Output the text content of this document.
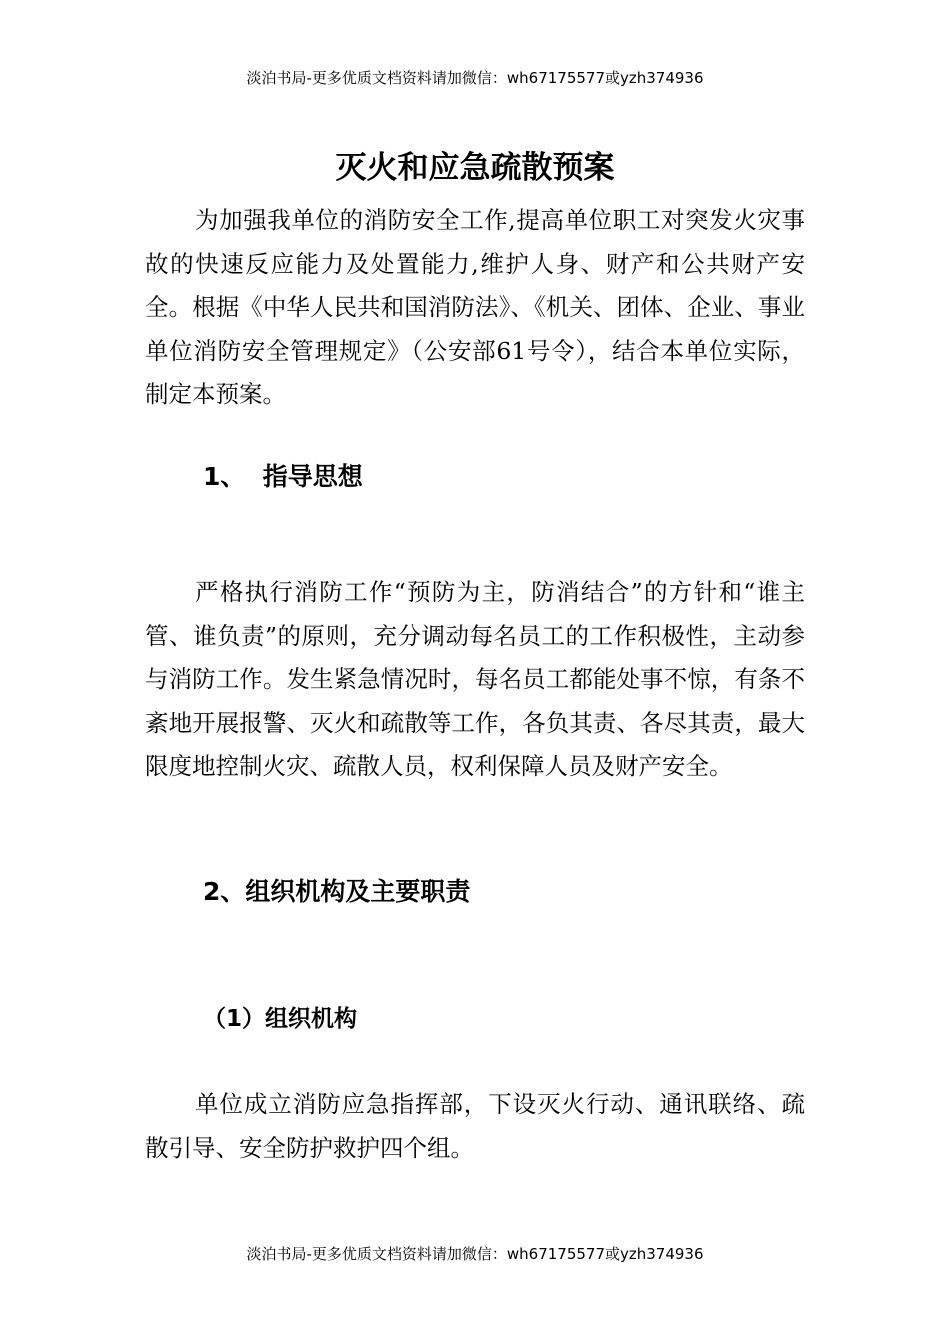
淡泊书局-更多优质文档资料请加微信：wh67175577或yzh374936
灭火和应急疏散预案

为加强我单位的消防安全工作,提高单位职工对突发火灾事故的快速反应能力及处置能力,维护人身、财产和公共财产安全。根据《中华人民共和国消防法》、《机关、团体、企业、事业单位消防安全管理规定》（公安部61号令），结合本单位实际，制定本预案。

1、  指导思想

严格执行消防工作“预防为主，防消结合”的方针和“谁主管、谁负责”的原则，充分调动每名员工的工作积极性，主动参与消防工作。发生紧急情况时，每名员工都能处事不惊，有条不紊地开展报警、灭火和疏散等工作，各负其责、各尽其责，最大限度地控制火灾、疏散人员，权利保障人员及财产安全。

2、组织机构及主要职责
（1）组织机构

单位成立消防应急指挥部，下设灭火行动、通讯联络、疏散引导、安全防护救护四个组。

淡泊书局-更多优质文档资料请加微信：wh67175577或yzh374936
